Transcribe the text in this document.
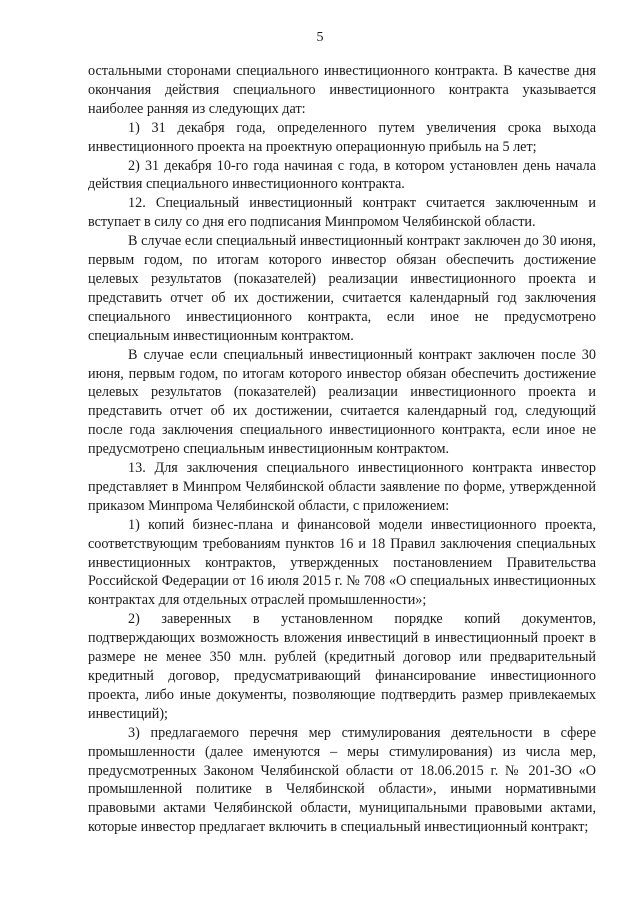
5

остальными сторонами специального инвестиционного контракта. В качестве дня окончания действия специального инвестиционного контракта указывается наиболее ранняя из следующих дат:

1) 31 декабря года, определенного путем увеличения срока выхода инвестиционного проекта на проектную операционную прибыль на 5 лет;

2) 31 декабря 10-го года начиная с года, в котором установлен день начала действия специального инвестиционного контракта.

12. Специальный инвестиционный контракт считается заключенным и вступает в силу со дня его подписания Минпромом Челябинской области.

В случае если специальный инвестиционный контракт заключен до 30 июня, первым годом, по итогам которого инвестор обязан обеспечить достижение целевых результатов (показателей) реализации инвестиционного проекта и представить отчет об их достижении, считается календарный год заключения специального инвестиционного контракта, если иное не предусмотрено специальным инвестиционным контрактом.

В случае если специальный инвестиционный контракт заключен после 30 июня, первым годом, по итогам которого инвестор обязан обеспечить достижение целевых результатов (показателей) реализации инвестиционного проекта и представить отчет об их достижении, считается календарный год, следующий после года заключения специального инвестиционного контракта, если иное не предусмотрено специальным инвестиционным контрактом.

13. Для заключения специального инвестиционного контракта инвестор представляет в Минпром Челябинской области заявление по форме, утвержденной приказом Минпрома Челябинской области, с приложением:

1) копий бизнес-плана и финансовой модели инвестиционного проекта, соответствующим требованиям пунктов 16 и 18 Правил заключения специальных инвестиционных контрактов, утвержденных постановлением Правительства Российской Федерации от 16 июля 2015 г. № 708 «О специальных инвестиционных контрактах для отдельных отраслей промышленности»;

2) заверенных в установленном порядке копий документов, подтверждающих возможность вложения инвестиций в инвестиционный проект в размере не менее 350 млн. рублей (кредитный договор или предварительный кредитный договор, предусматривающий финансирование инвестиционного проекта, либо иные документы, позволяющие подтвердить размер привлекаемых инвестиций);

3) предлагаемого перечня мер стимулирования деятельности в сфере промышленности (далее именуются – меры стимулирования) из числа мер, предусмотренных Законом Челябинской области от 18.06.2015 г. № 201-ЗО «О промышленной политике в Челябинской области», иными нормативными правовыми актами Челябинской области, муниципальными правовыми актами, которые инвестор предлагает включить в специальный инвестиционный контракт;
